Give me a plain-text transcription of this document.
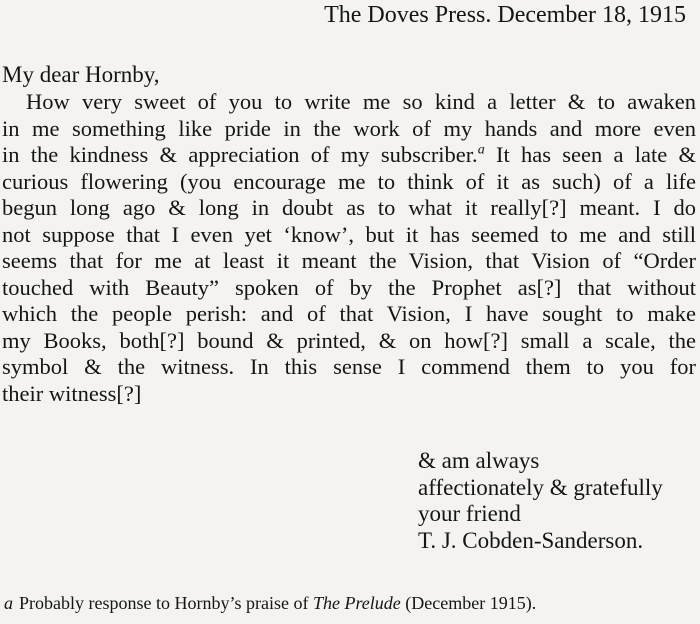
The Doves Press. December 18, 1915
My dear Hornby,
How very sweet of you to write me so kind a letter & to awaken
in me something like pride in the work of my hands and more even
in the kindness & appreciation of my subscriber.$^a$ It has seen a late &
curious flowering (you encourage me to think of it as such) of a life
begun long ago & long in doubt as to what it really[?] meant. I do
not suppose that I even yet ‘know’, but it has seemed to me and still
seems that for me at least it meant the Vision, that Vision of “Order
touched with Beauty” spoken of by the Prophet as[?] that without
which the people perish: and of that Vision, I have sought to make
my Books, both[?] bound & printed, & on how[?] small a scale, the
symbol & the witness. In this sense I commend them to you for
their witness[?]
& am always
affectionately & gratefully
your friend
T. J. Cobden-Sanderson.
a Probably response to Hornby’s praise of The Prelude (December 1915).
